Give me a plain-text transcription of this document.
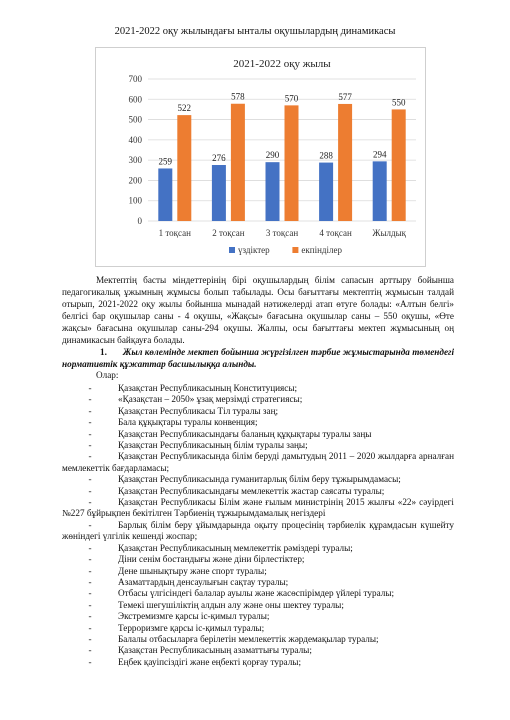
2021-2022 оқу жылындағы ынталы оқушылардың динамикасы
2021-2022 оқу жылы
0
100
200
300
400
500
600
700
1 тоқсан
259
522
2 тоқсан
276
578
3 тоқсан
290
570
4 тоқсан
288
577
Жылдық
294
550
үздіктер	екпінділер
Мектептің басты міндеттерінің бірі оқушылардың білім сапасын арттыру бойынша педагогикалық ұжымның жұмысы болып табылады. Осы бағыттағы мектептің жұмысын талдай отырып, 2021-2022 оқу жылы бойынша мынадай нәтижелерді атап өтуге болады: «Алтын белгі» белгісі бар оқушылар саны - 4 оқушы, «Жақсы» бағасына оқушылар саны – 550 оқушы, «Өте жақсы» бағасына оқушылар саны-294 оқушы. Жалпы, осы бағыттағы мектеп жұмысының оң динамикасын байқауға болады.
1. Жыл көлемінде мектеп бойынша жүргізілген тәрбие жұмыстарында төмендегі нормативтік құжаттар басшылыққа алынды.
Олар:
-	Қазақстан Республикасының Конституциясы;
-	«Қазақстан – 2050» ұзақ мерзімді стратегиясы;
-	Қазақстан Республикасы Тіл туралы заң;
-	Бала құқықтары туралы конвенция;
-	Қазақстан Республикасындағы баланың құқықтары туралы заңы
-	Қазақстан Республикасының білім туралы заңы;
-	Қазақстан Республикасында білім беруді дамытудың 2011 – 2020 жылдарға арналған мемлекеттік бағдарламасы;
-	Қазақстан Республикасында гуманитарлық білім беру тұжырымдамасы;
-	Қазақстан Республикасындағы мемлекеттік жастар саясаты туралы;
-	Қазақстан Республикасы Білім және ғылым министрінің 2015 жылғы «22» сәуірдегі №227 бұйрықпен бекітілген Тәрбиенің тұжырымдамалық негіздері
-	Барлық білім беру ұйымдарында оқыту процесінің тәрбиелік құрамдасын күшейту жөніндегі үлгілік кешенді жоспар;
-	Қазақстан Республикасының мемлекеттік рәміздері туралы;
-	Діни сенім бостандығы және діни бірлестіктер;
-	Дене шынықтыру және спорт туралы;
-	Азаматтардың денсаулығын сақтау туралы;
-	Отбасы үлгісіндегі балалар ауылы және жасөспірімдер үйлері туралы;
-	Темекі шегушіліктің алдын алу және оны шектеу туралы;
-	Экстремизмге қарсы іс-қимыл туралы;
-	Терроризмге қарсы іс-қимыл туралы;
-	Балалы отбасыларға берілетін мемлекеттік жәрдемақылар туралы;
-	Қазақстан Республикасының азаматтығы туралы;
-	Еңбек қауіпсіздігі және еңбекті қорғау туралы;
